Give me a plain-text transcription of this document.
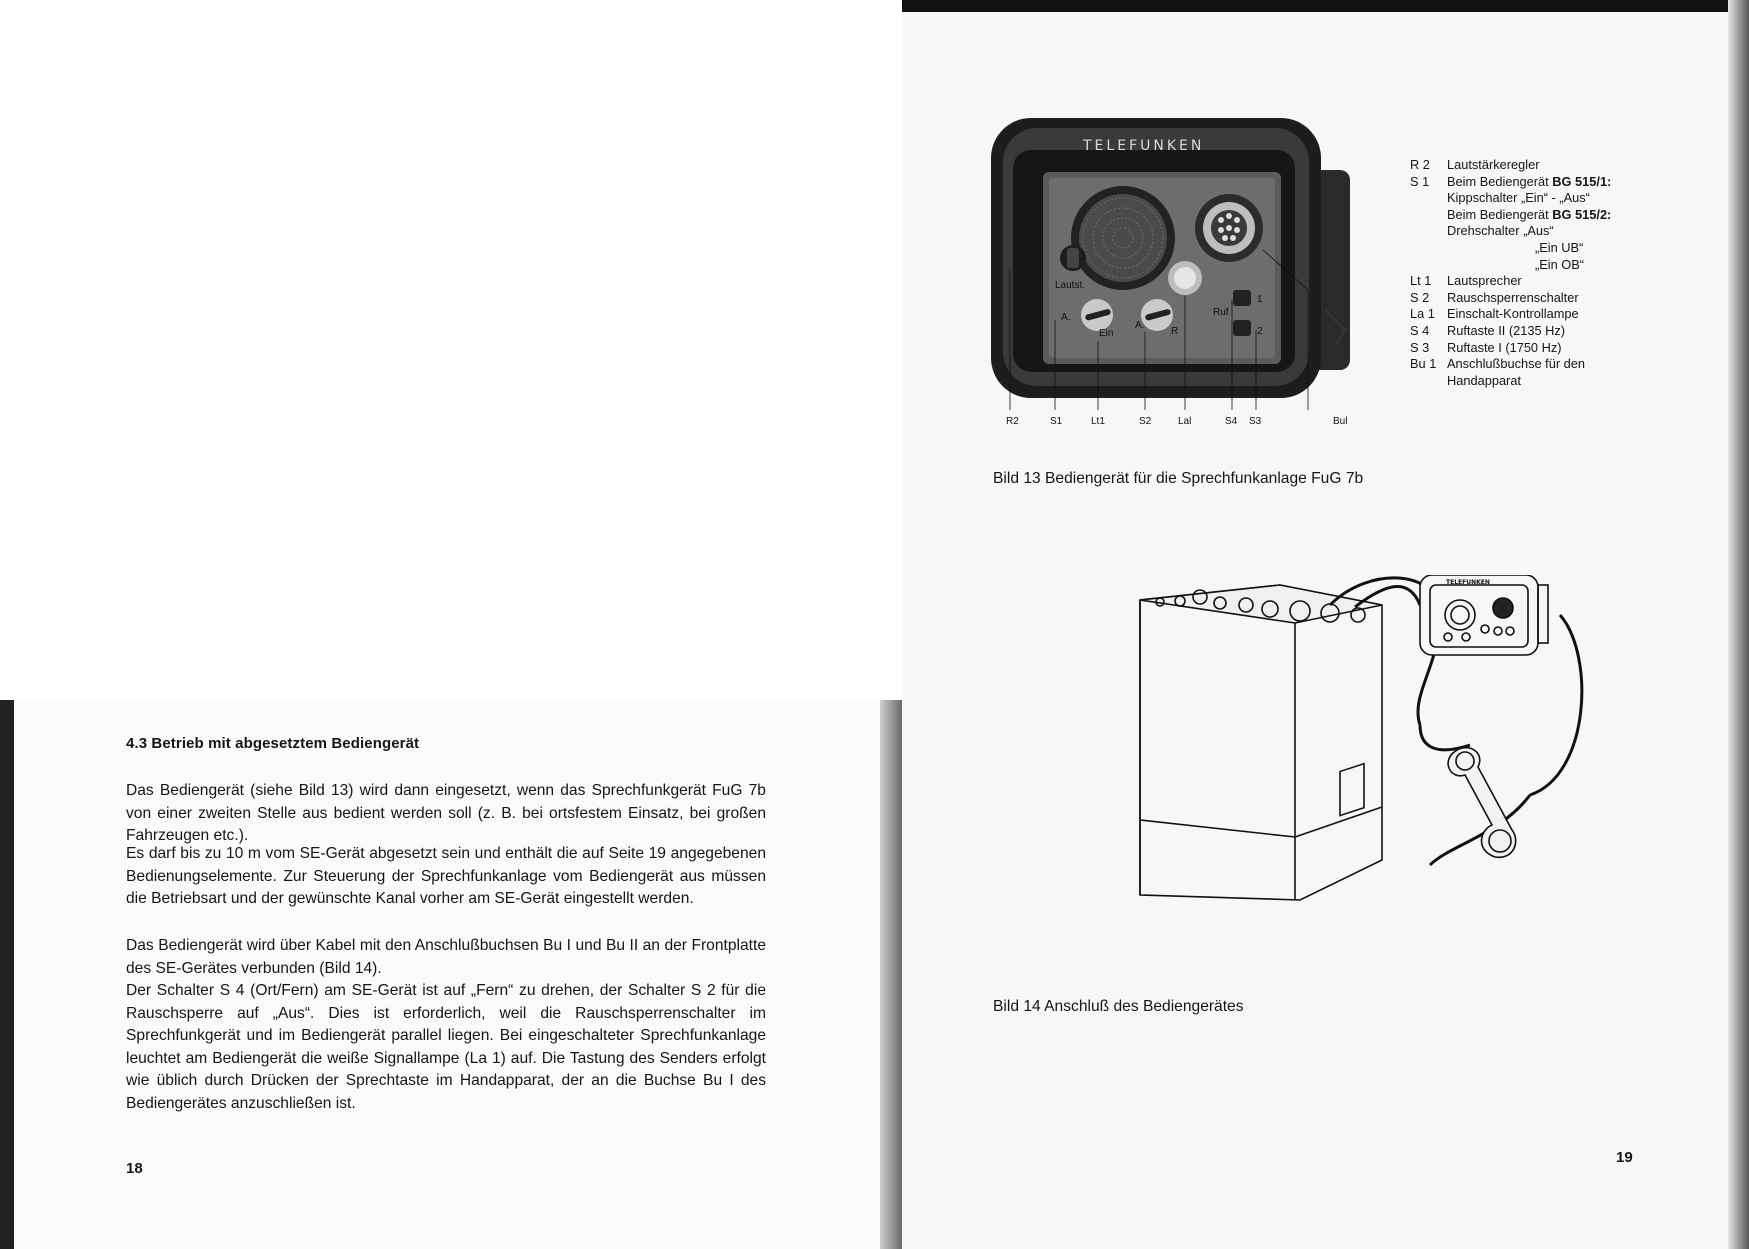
4.3 Betrieb mit abgesetztem Bediengerät
Das Bediengerät (siehe Bild 13) wird dann eingesetzt, wenn das Sprechfunkgerät FuG 7b von einer zweiten Stelle aus bedient werden soll (z. B. bei ortsfestem Einsatz, bei großen Fahrzeugen etc.).
Es darf bis zu 10 m vom SE-Gerät abgesetzt sein und enthält die auf Seite 19 angegebenen Bedienungselemente. Zur Steuerung der Sprechfunkanlage vom Bediengerät aus müssen die Betriebsart und der gewünschte Kanal vorher am SE-Gerät eingestellt werden.
Das Bediengerät wird über Kabel mit den Anschlußbuchsen Bu I und Bu II an der Frontplatte des SE-Gerätes verbunden (Bild 14).
Der Schalter S 4 (Ort/Fern) am SE-Gerät ist auf „Fern“ zu drehen, der Schalter S 2 für die Rauschsperre auf „Aus“. Dies ist erforderlich, weil die Rauschsperrenschalter im Sprechfunkgerät und im Bediengerät parallel liegen. Bei eingeschalteter Sprechfunkanlage leuchtet am Bediengerät die weiße Signallampe (La 1) auf. Die Tastung des Senders erfolgt wie üblich durch Drücken der Sprechtaste im Handapparat, der an die Buchse Bu I des Bediengerätes anzuschließen ist.
18
TELEFUNKEN
Lautst.
A.
Ein
A.
R
Ruf
1
2
R2	S1	Lt1	S2	Lal	S4 S3	Bul
R 2	Lautstärkeregler
S 1	Beim Bediengerät BG 515/1:
Kippschalter „Ein“ - „Aus“
Beim Bediengerät BG 515/2:
Drehschalter „Aus“
„Ein UB“
„Ein OB“
Lt 1	Lautsprecher
S 2	Rauschsperrenschalter
La 1 Einschalt-Kontrollampe
S 4	Ruftaste II (2135 Hz)
S 3	Ruftaste I (1750 Hz)
Bu 1 Anschlußbuchse für den
Handapparat
Bild 13 Bediengerät für die Sprechfunkanlage FuG 7b
TELEFUNKEN
Bild 14 Anschluß des Bediengerätes
19
